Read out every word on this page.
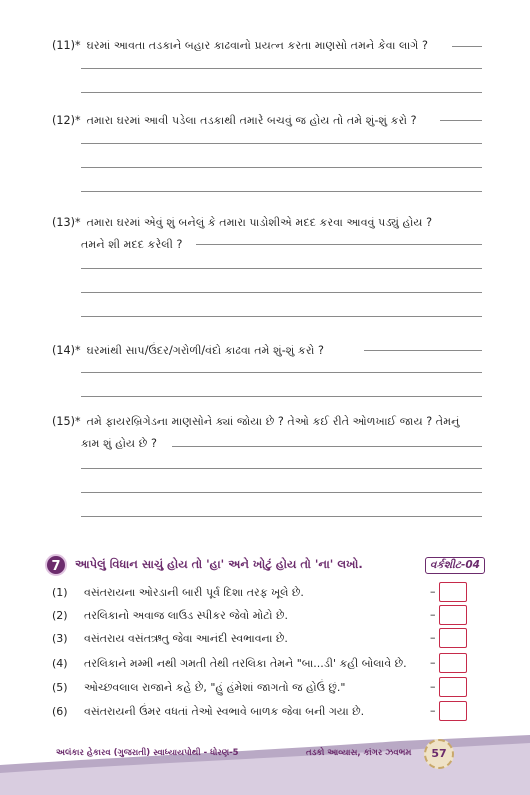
(11)* ઘરમાં આવતા તડકાને બહાર કાઢવાનો પ્રયત્ન કરતા માણસો તમને કેવા લાગે ?
(12)* તમારા ઘરમાં આવી પડેલા તડકાથી તમારે બચવું જ હોય તો તમે શું-શું કરો ?
(13)* તમારા ઘરમાં એવું શું બનેલું કે તમારા પાડોશીએ મદદ કરવા આવવું પડ્યું હોય ?
તમને શી મદદ કરેલી ?
(14)* ઘરમાંથી સાપ/ઉંદર/ગરોળી/વંદો કાઢવા તમે શું-શું કરો ?
(15)* તમે ફાયરબ્રિગેડના માણસોને ક્યાં જોયા છે ? તેઓ કઈ રીતે ઓળખાઈ જાય ? તેમનું
કામ શું હોય છે ?
7	આપેલું વિધાન સાચું હોય તો 'હા' અને ખોટું હોય તો 'ના' લખો.	વર્કશીટ-04
(1) વસંતરાયના ઓરડાની બારી પૂર્વ દિશા તરફ ખૂલે છે.	–
(2) તરલિકાનો અવાજ લાઉડ સ્પીકર જેવો મોટો છે.	–
(3) વસંતરાય વસંતઋતુ જેવા આનંદી સ્વભાવના છે.	–
(4) તરલિકાને મમ્મી નથી ગમતી તેથી તરલિકા તેમને "બા...ડી' કહી બોલાવે છે. –
(5) ઓચ્છવલાલ રાજાને કહે છે, "હું હંમેશાં જાગતો જ હોઉં છું."	–
(6) વસંતરાયની ઉંમર વધતાં તેઓ સ્વભાવે બાળક જેવા બની ગયા છે.	–
અલંકાર હેકારવ (ગુજરાતી) સ્વાધ્યાયપોથી - ધોરણ-5	તડકો આવ્યાસ, કાંગર ઝવભમ	57
